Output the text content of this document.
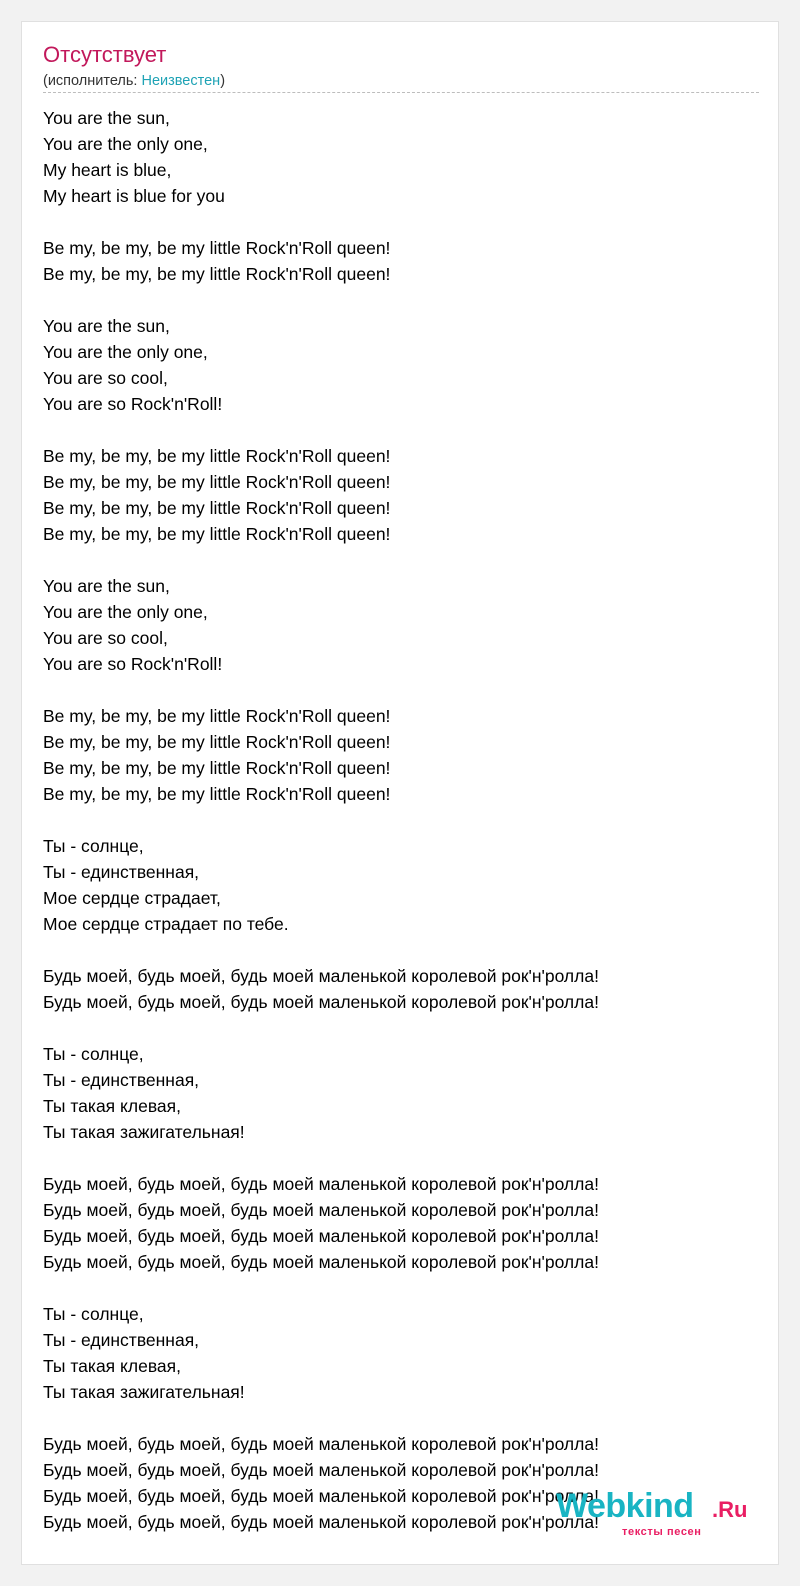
Отсутствует
(исполнитель: Неизвестен)
You are the sun,
You are the only one,
My heart is blue,
My heart is blue for you
Be my, be my, be my little Rock'n'Roll queen!
Be my, be my, be my little Rock'n'Roll queen!
You are the sun,
You are the only one,
You are so cool,
You are so Rock'n'Roll!
Be my, be my, be my little Rock'n'Roll queen!
Be my, be my, be my little Rock'n'Roll queen!
Be my, be my, be my little Rock'n'Roll queen!
Be my, be my, be my little Rock'n'Roll queen!
You are the sun,
You are the only one,
You are so cool,
You are so Rock'n'Roll!
Be my, be my, be my little Rock'n'Roll queen!
Be my, be my, be my little Rock'n'Roll queen!
Be my, be my, be my little Rock'n'Roll queen!
Be my, be my, be my little Rock'n'Roll queen!
Ты - солнце,
Ты - единственная,
Мое сердце страдает,
Мое сердце страдает по тебе.
Будь моей, будь моей, будь моей маленькой королевой рок'н'ролла!
Будь моей, будь моей, будь моей маленькой королевой рок'н'ролла!
Ты - солнце,
Ты - единственная,
Ты такая клевая,
Ты такая зажигательная!
Будь моей, будь моей, будь моей маленькой королевой рок'н'ролла!
Будь моей, будь моей, будь моей маленькой королевой рок'н'ролла!
Будь моей, будь моей, будь моей маленькой королевой рок'н'ролла!
Будь моей, будь моей, будь моей маленькой королевой рок'н'ролла!
Ты - солнце,
Ты - единственная,
Ты такая клевая,
Ты такая зажигательная!
Будь моей, будь моей, будь моей маленькой королевой рок'н'ролла!
Будь моей, будь моей, будь моей маленькой королевой рок'н'ролла!
Будь моей, будь моей, будь моей маленькой королевой рок'н'ролла!
Будь моей, будь моей, будь моей маленькой королевой рок'н'ролла!
Webkind .Ru
тексты песен
